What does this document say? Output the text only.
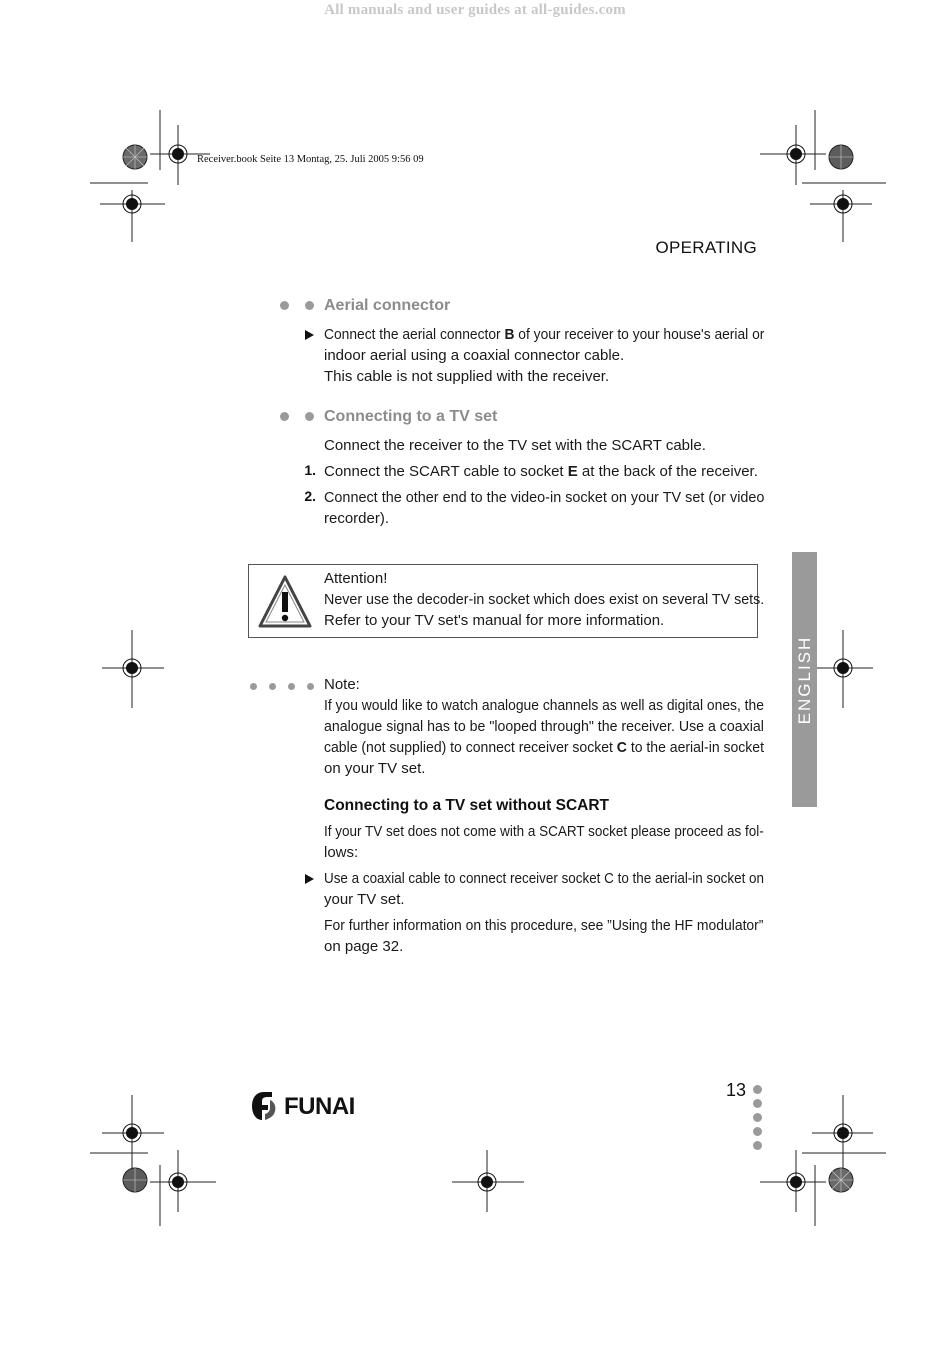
All manuals and user guides at all-guides.com
Receiver.book Seite 13 Montag, 25. Juli 2005 9:56 09
OPERATING
Aerial connector
Connect the aerial connector B of your receiver to your house's aerial or
indoor aerial using a coaxial connector cable.
This cable is not supplied with the receiver.
Connecting to a TV set
Connect the receiver to the TV set with the SCART cable.
1. Connect the SCART cable to socket E at the back of the receiver.
2. Connect the other end to the video-in socket on your TV set (or video
recorder).
Attention!
Never use the decoder-in socket which does exist on several TV sets.
Refer to your TV set's manual for more information.
ENGLISH
Note:
If you would like to watch analogue channels as well as digital ones, the
analogue signal has to be "looped through" the receiver. Use a coaxial
cable (not supplied) to connect receiver socket C to the aerial-in socket
on your TV set.
Connecting to a TV set without SCART
If your TV set does not come with a SCART socket please proceed as fol-
lows:
Use a coaxial cable to connect receiver socket C to the aerial-in socket on
your TV set.
For further information on this procedure, see ”Using the HF modulator”
on page 32.
FUNAI
13
